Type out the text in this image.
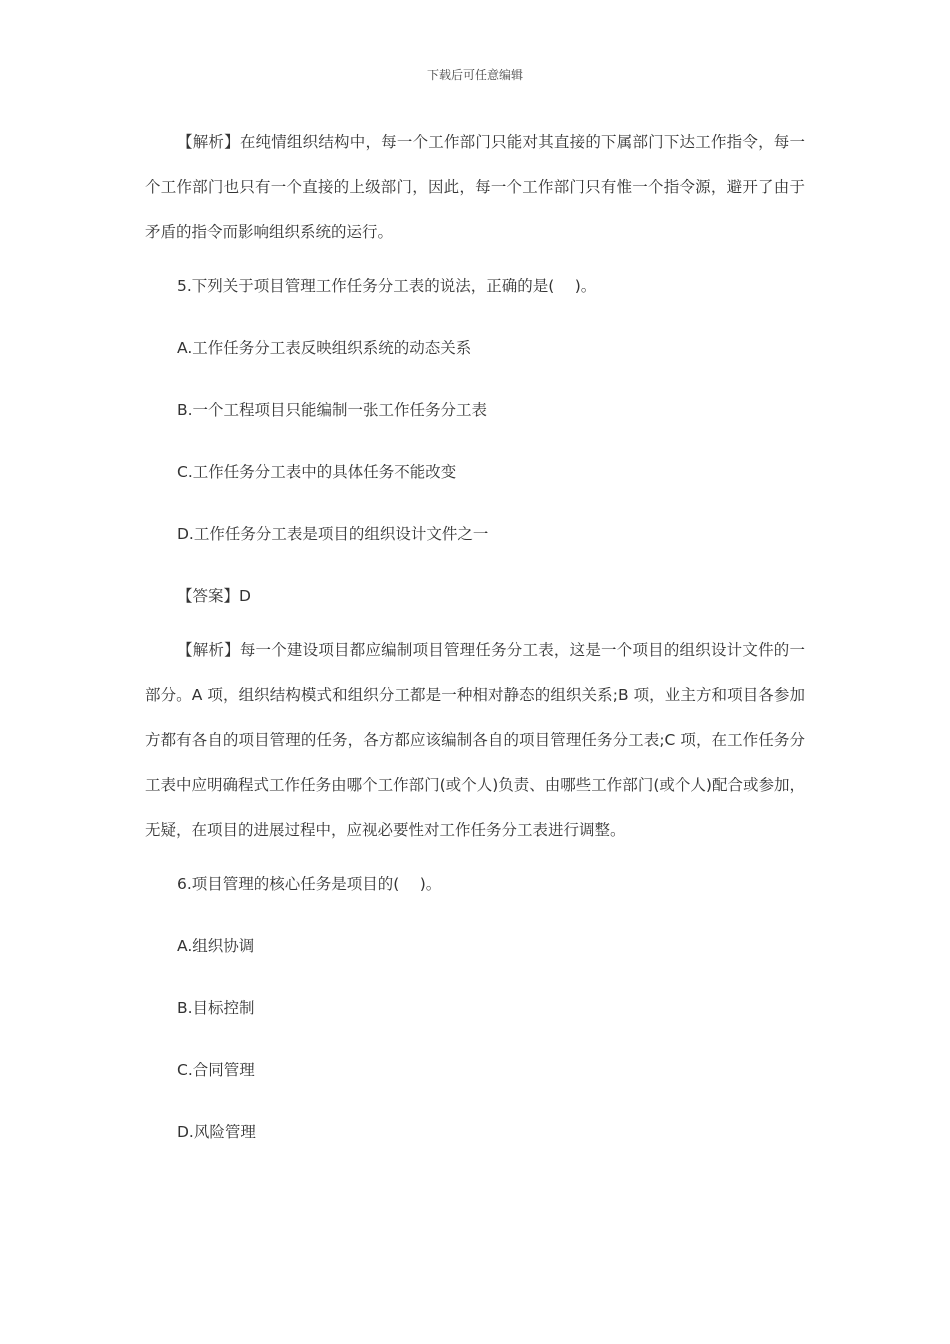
下载后可任意编辑

【解析】在纯情组织结构中，每一个工作部门只能对其直接的下属部门下达工作指令，每一个工作部门也只有一个直接的上级部门，因此，每一个工作部门只有惟一个指令源，避开了由于矛盾的指令而影响组织系统的运行。

5.下列关于项目管理工作任务分工表的说法，正确的是(　 )。

A.工作任务分工表反映组织系统的动态关系

B.一个工程项目只能编制一张工作任务分工表

C.工作任务分工表中的具体任务不能改变

D.工作任务分工表是项目的组织设计文件之一

【答案】D

【解析】每一个建设项目都应编制项目管理任务分工表，这是一个项目的组织设计文件的一部分。A 项，组织结构模式和组织分工都是一种相对静态的组织关系;B 项，业主方和项目各参加方都有各自的项目管理的任务，各方都应该编制各自的项目管理任务分工表;C 项，在工作任务分工表中应明确程式工作任务由哪个工作部门(或个人)负责、由哪些工作部门(或个人)配合或参加，无疑，在项目的进展过程中，应视必要性对工作任务分工表进行调整。

6.项目管理的核心任务是项目的(　 )。

A.组织协调

B.目标控制

C.合同管理

D.风险管理
